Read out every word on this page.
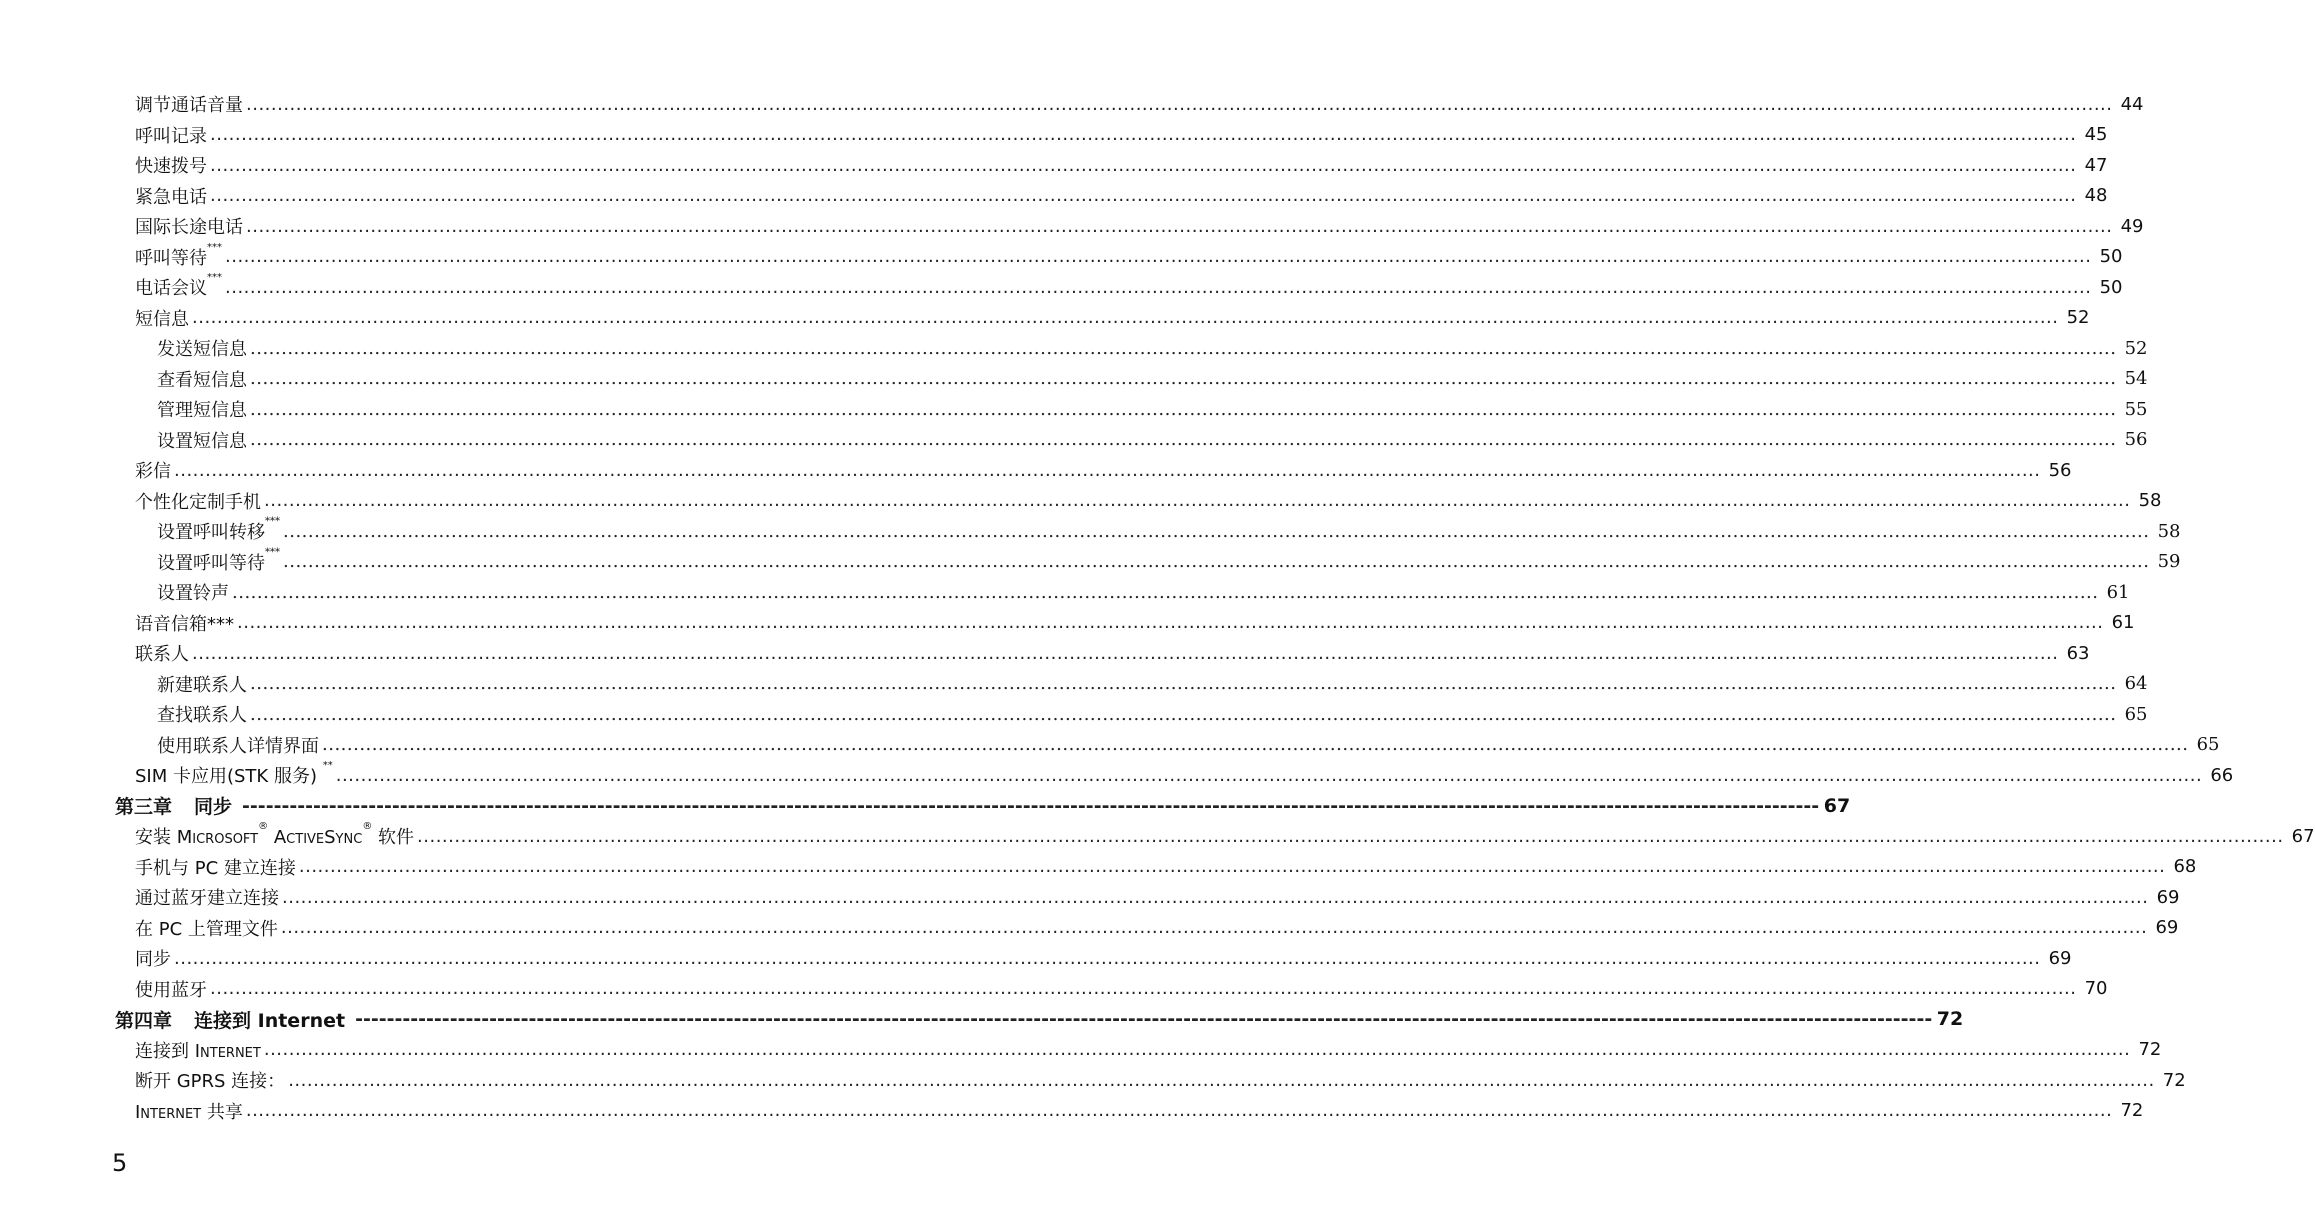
调节通话音量 ............................................................................................................................................................................................................................................................................................................ 44
呼叫记录 ............................................................................................................................................................................................................................................................................................................ 45
快速拨号 ............................................................................................................................................................................................................................................................................................................ 47
紧急电话 ............................................................................................................................................................................................................................................................................................................ 48
国际长途电话 ............................................................................................................................................................................................................................................................................................................ 49
呼叫等待*** ............................................................................................................................................................................................................................................................................................................ 50
电话会议*** ............................................................................................................................................................................................................................................................................................................ 50
短信息 ............................................................................................................................................................................................................................................................................................................ 52
发送短信息 ............................................................................................................................................................................................................................................................................................................ 52
查看短信息 ............................................................................................................................................................................................................................................................................................................ 54
管理短信息 ............................................................................................................................................................................................................................................................................................................ 55
设置短信息 ............................................................................................................................................................................................................................................................................................................ 56
彩信 ............................................................................................................................................................................................................................................................................................................ 56
个性化定制手机 ............................................................................................................................................................................................................................................................................................................ 58
设置呼叫转移*** ............................................................................................................................................................................................................................................................................................................ 58
设置呼叫等待*** ............................................................................................................................................................................................................................................................................................................ 59
设置铃声 ............................................................................................................................................................................................................................................................................................................ 61
语音信箱*** ............................................................................................................................................................................................................................................................................................................ 61
联系人 ............................................................................................................................................................................................................................................................................................................ 63
新建联系人 ............................................................................................................................................................................................................................................................................................................ 64
查找联系人 ............................................................................................................................................................................................................................................................................................................ 65
使用联系人详情界面 ............................................................................................................................................................................................................................................................................................................ 65
SIM 卡应用(STK 服务) ** ............................................................................................................................................................................................................................................................................................................ 66
第三章 同步 -------------------------------------------------------------------------------------------------------------------------------------------------------------------------------------------------------- 67
安装 Microsoft® ActiveSync® 软件 ............................................................................................................................................................................................................................................................................................................ 67
手机与 PC 建立连接 ............................................................................................................................................................................................................................................................................................................ 68
通过蓝牙建立连接 ............................................................................................................................................................................................................................................................................................................ 69
在 PC 上管理文件 ............................................................................................................................................................................................................................................................................................................ 69
同步 ............................................................................................................................................................................................................................................................................................................ 69
使用蓝牙 ............................................................................................................................................................................................................................................................................................................ 70
第四章 连接到 Internet -------------------------------------------------------------------------------------------------------------------------------------------------------------------------------------------------------- 72
连接到 Internet ............................................................................................................................................................................................................................................................................................................ 72
断开 GPRS 连接： ............................................................................................................................................................................................................................................................................................................ 72
Internet 共享 ............................................................................................................................................................................................................................................................................................................ 72
5
